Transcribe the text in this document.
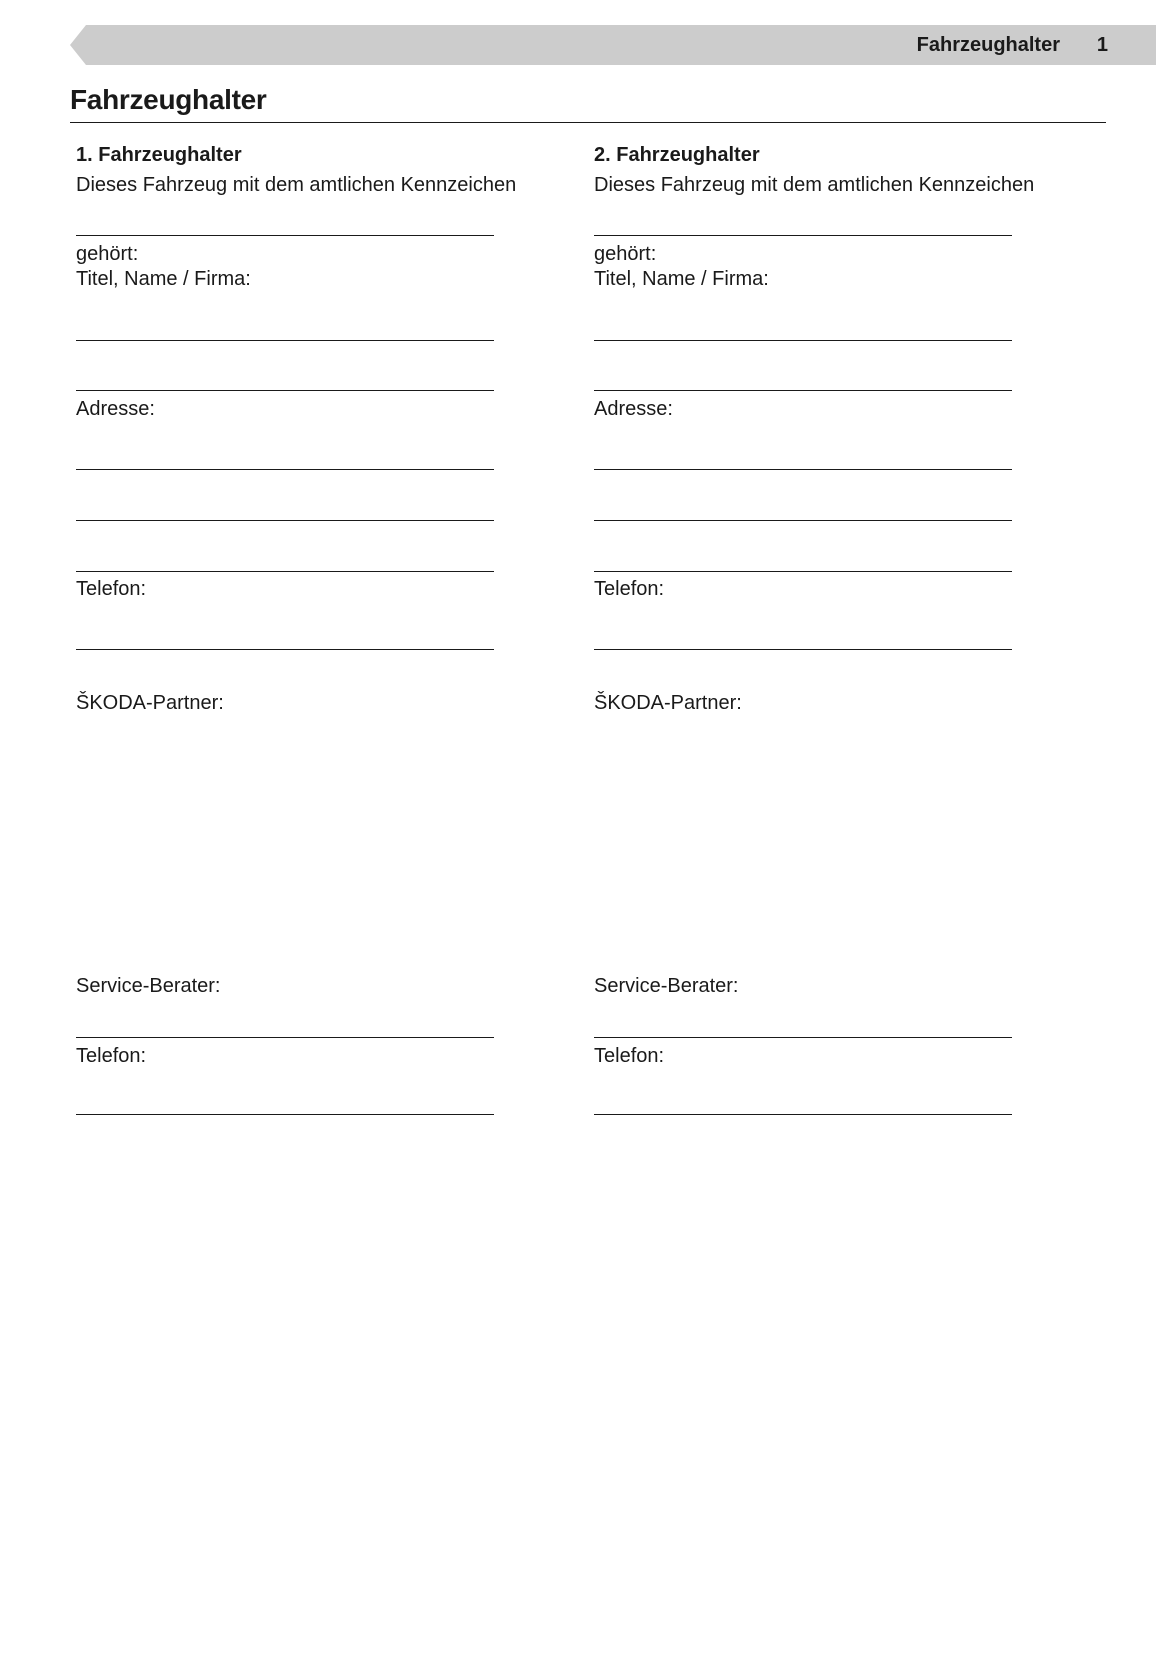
Fahrzeughalter 1
Fahrzeughalter
1. Fahrzeughalter
Dieses Fahrzeug mit dem amtlichen Kennzeichen
gehört:
Titel, Name / Firma:
Adresse:
Telefon:
ŠKODA-Partner:
Service-Berater:
Telefon:
2. Fahrzeughalter
Dieses Fahrzeug mit dem amtlichen Kennzeichen
gehört:
Titel, Name / Firma:
Adresse:
Telefon:
ŠKODA-Partner:
Service-Berater:
Telefon:
